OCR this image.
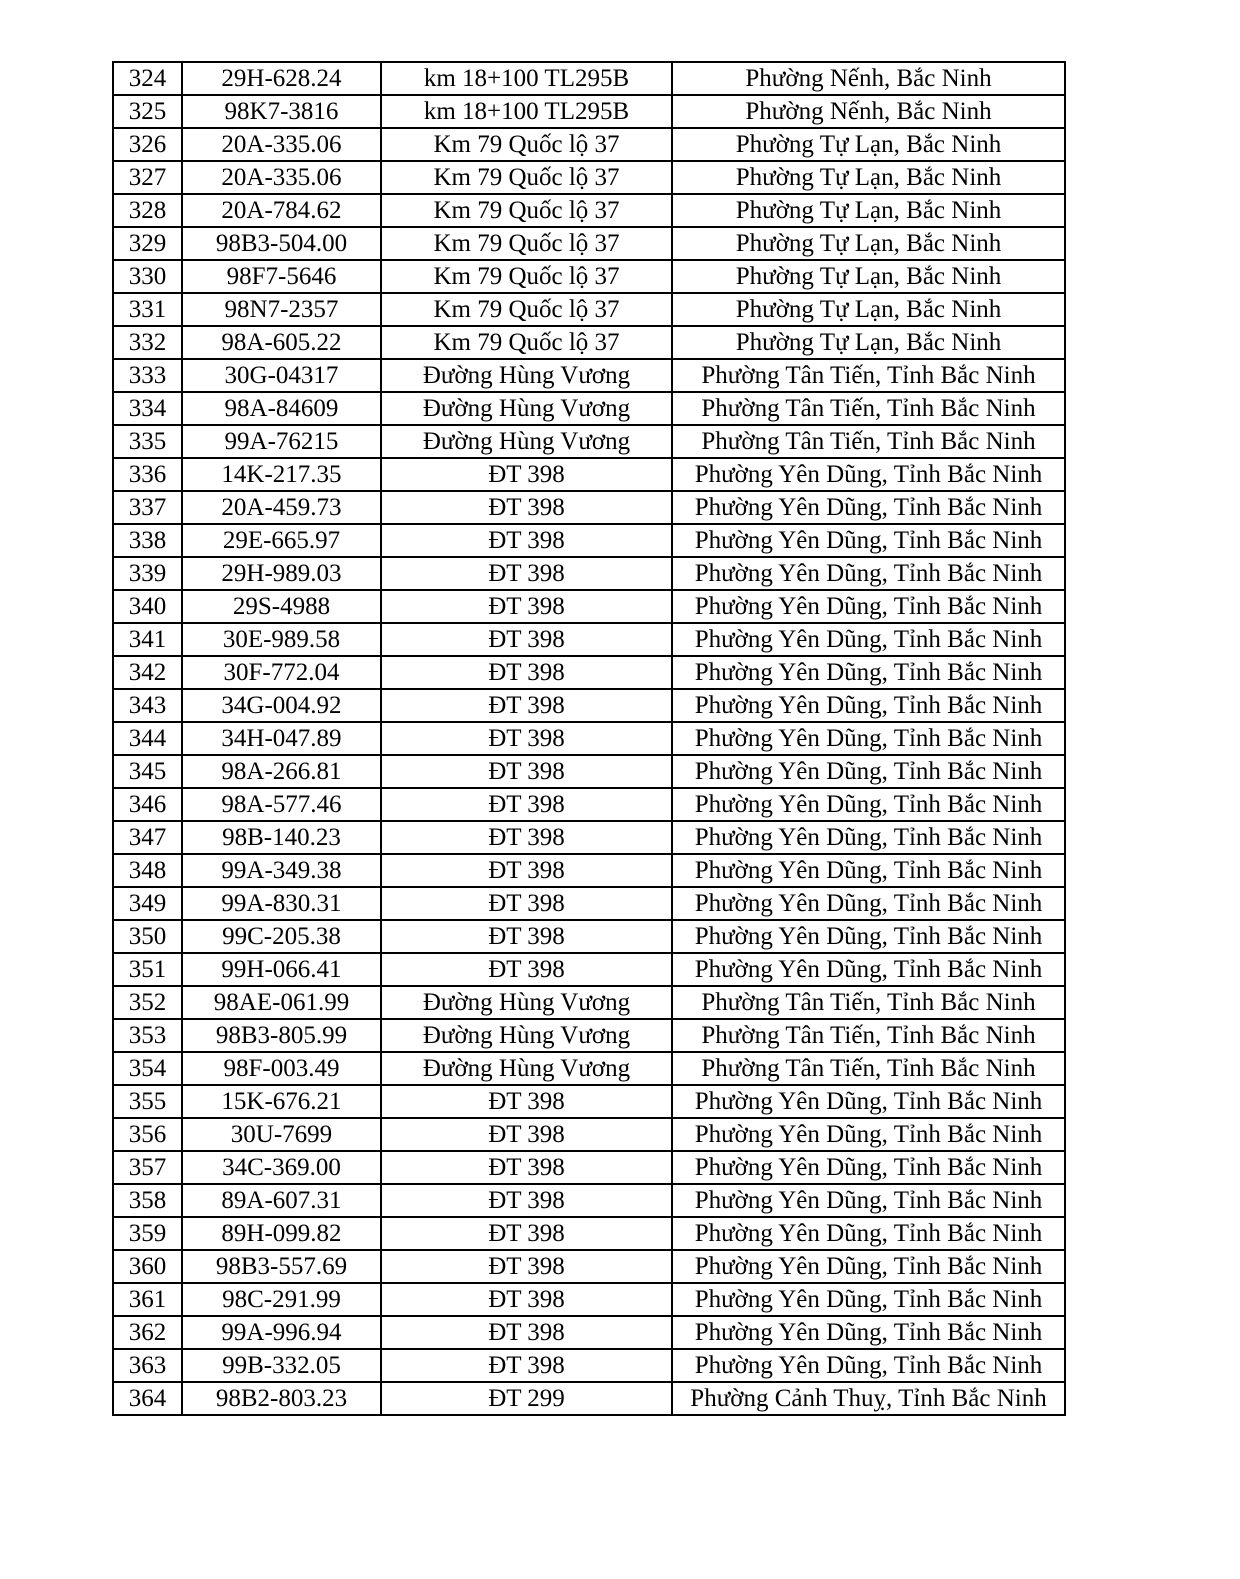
324	29H-628.24	km 18+100 TL295B	Phường Nếnh, Bắc Ninh
325	98K7-3816	km 18+100 TL295B	Phường Nếnh, Bắc Ninh
326	20A-335.06	Km 79 Quốc lộ 37	Phường Tự Lạn, Bắc Ninh
327	20A-335.06	Km 79 Quốc lộ 37	Phường Tự Lạn, Bắc Ninh
328	20A-784.62	Km 79 Quốc lộ 37	Phường Tự Lạn, Bắc Ninh
329	98B3-504.00	Km 79 Quốc lộ 37	Phường Tự Lạn, Bắc Ninh
330	98F7-5646	Km 79 Quốc lộ 37	Phường Tự Lạn, Bắc Ninh
331	98N7-2357	Km 79 Quốc lộ 37	Phường Tự Lạn, Bắc Ninh
332	98A-605.22	Km 79 Quốc lộ 37	Phường Tự Lạn, Bắc Ninh
333	30G-04317	Đường Hùng Vương	Phường Tân Tiến, Tỉnh Bắc Ninh
334	98A-84609	Đường Hùng Vương	Phường Tân Tiến, Tỉnh Bắc Ninh
335	99A-76215	Đường Hùng Vương	Phường Tân Tiến, Tỉnh Bắc Ninh
336	14K-217.35	ĐT 398	Phường Yên Dũng, Tỉnh Bắc Ninh
337	20A-459.73	ĐT 398	Phường Yên Dũng, Tỉnh Bắc Ninh
338	29E-665.97	ĐT 398	Phường Yên Dũng, Tỉnh Bắc Ninh
339	29H-989.03	ĐT 398	Phường Yên Dũng, Tỉnh Bắc Ninh
340	29S-4988	ĐT 398	Phường Yên Dũng, Tỉnh Bắc Ninh
341	30E-989.58	ĐT 398	Phường Yên Dũng, Tỉnh Bắc Ninh
342	30F-772.04	ĐT 398	Phường Yên Dũng, Tỉnh Bắc Ninh
343	34G-004.92	ĐT 398	Phường Yên Dũng, Tỉnh Bắc Ninh
344	34H-047.89	ĐT 398	Phường Yên Dũng, Tỉnh Bắc Ninh
345	98A-266.81	ĐT 398	Phường Yên Dũng, Tỉnh Bắc Ninh
346	98A-577.46	ĐT 398	Phường Yên Dũng, Tỉnh Bắc Ninh
347	98B-140.23	ĐT 398	Phường Yên Dũng, Tỉnh Bắc Ninh
348	99A-349.38	ĐT 398	Phường Yên Dũng, Tỉnh Bắc Ninh
349	99A-830.31	ĐT 398	Phường Yên Dũng, Tỉnh Bắc Ninh
350	99C-205.38	ĐT 398	Phường Yên Dũng, Tỉnh Bắc Ninh
351	99H-066.41	ĐT 398	Phường Yên Dũng, Tỉnh Bắc Ninh
352	98AE-061.99	Đường Hùng Vương	Phường Tân Tiến, Tỉnh Bắc Ninh
353	98B3-805.99	Đường Hùng Vương	Phường Tân Tiến, Tỉnh Bắc Ninh
354	98F-003.49	Đường Hùng Vương	Phường Tân Tiến, Tỉnh Bắc Ninh
355	15K-676.21	ĐT 398	Phường Yên Dũng, Tỉnh Bắc Ninh
356	30U-7699	ĐT 398	Phường Yên Dũng, Tỉnh Bắc Ninh
357	34C-369.00	ĐT 398	Phường Yên Dũng, Tỉnh Bắc Ninh
358	89A-607.31	ĐT 398	Phường Yên Dũng, Tỉnh Bắc Ninh
359	89H-099.82	ĐT 398	Phường Yên Dũng, Tỉnh Bắc Ninh
360	98B3-557.69	ĐT 398	Phường Yên Dũng, Tỉnh Bắc Ninh
361	98C-291.99	ĐT 398	Phường Yên Dũng, Tỉnh Bắc Ninh
362	99A-996.94	ĐT 398	Phường Yên Dũng, Tỉnh Bắc Ninh
363	99B-332.05	ĐT 398	Phường Yên Dũng, Tỉnh Bắc Ninh
364	98B2-803.23	ĐT 299	Phường Cảnh Thuỵ, Tỉnh Bắc Ninh
